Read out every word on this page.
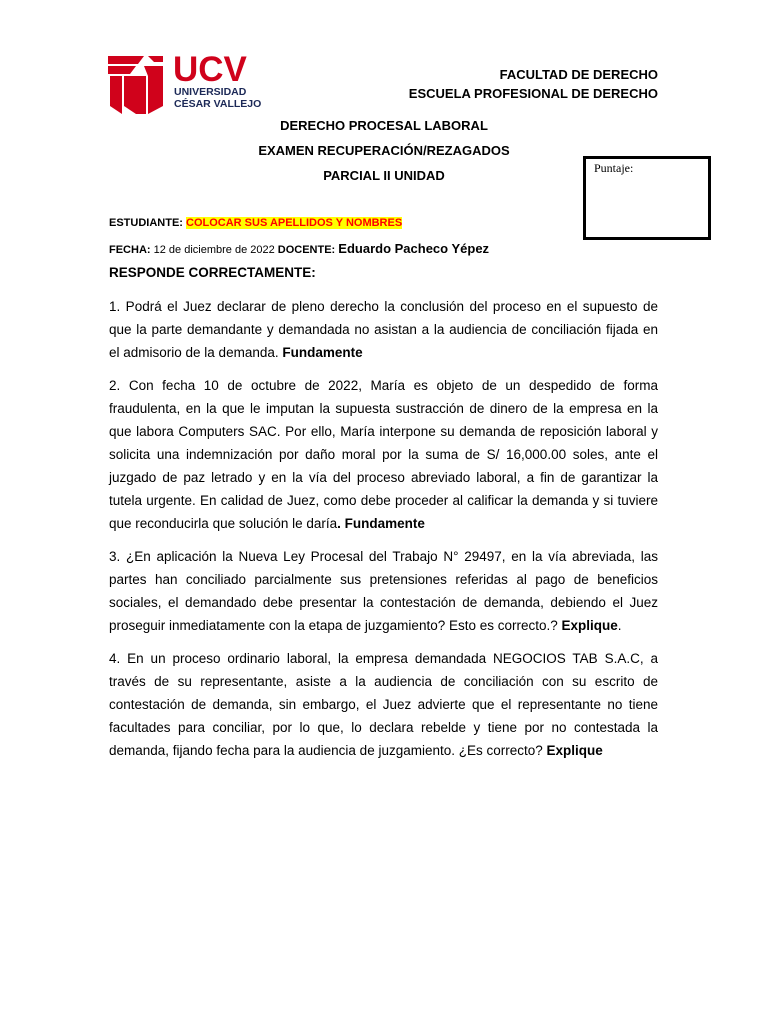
UCV
UNIVERSIDAD
CÉSAR VALLEJO
FACULTAD DE DERECHO
ESCUELA PROFESIONAL DE DERECHO
DERECHO PROCESAL LABORAL
EXAMEN RECUPERACIÓN/REZAGADOS
PARCIAL II UNIDAD	Puntaje:
ESTUDIANTE: COLOCAR SUS APELLIDOS Y NOMBRES
FECHA: 12 de diciembre de 2022 DOCENTE: Eduardo Pacheco Yépez
RESPONDE CORRECTAMENTE:
1. Podrá el Juez declarar de pleno derecho la conclusión del proceso en el supuesto de que la parte demandante y demandada no asistan a la audiencia de conciliación fijada en el admisorio de la demanda. Fundamente
2. Con fecha 10 de octubre de 2022, María es objeto de un despedido de forma fraudulenta, en la que le imputan la supuesta sustracción de dinero de la empresa en la que labora Computers SAC. Por ello, María interpone su demanda de reposición laboral y solicita una indemnización por daño moral por la suma de S/ 16,000.00 soles, ante el juzgado de paz letrado y en la vía del proceso abreviado laboral, a fin de garantizar la tutela urgente. En calidad de Juez, como debe proceder al calificar la demanda y si tuviere que reconducirla que solución le daría. Fundamente
3. ¿En aplicación la Nueva Ley Procesal del Trabajo N° 29497, en la vía abreviada, las partes han conciliado parcialmente sus pretensiones referidas al pago de beneficios sociales, el demandado debe presentar la contestación de demanda, debiendo el Juez proseguir inmediatamente con la etapa de juzgamiento? Esto es correcto.? Explique.
4. En un proceso ordinario laboral, la empresa demandada NEGOCIOS TAB S.A.C, a través de su representante, asiste a la audiencia de conciliación con su escrito de contestación de demanda, sin embargo, el Juez advierte que el representante no tiene facultades para conciliar, por lo que, lo declara rebelde y tiene por no contestada la demanda, fijando fecha para la audiencia de juzgamiento. ¿Es correcto? Explique
